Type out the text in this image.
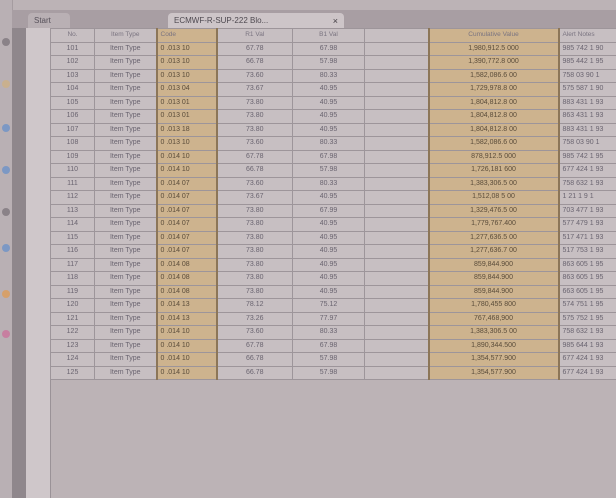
Start	ECMWF-R-SUP-222 Blo...	×
No.	Item Type	Code	R1 Val	B1 Val		Cumulative Value	Alert Notes
101	Item Type	0 .013 10	67.78	67.98		1,980,912.5 000	985 742 1 90
102	Item Type	0 .013 10	66.78	57.98		1,390,772.8 000	985 442 1 95
103	Item Type	0 .013 10	73.60	80.33		1,582,086.6 00	758 03 90 1
104	Item Type	0 .013 04	73.67	40.95		1,729,978.8 00	575 587 1 90
105	Item Type	0 .013 01	73.80	40.95		1,804,812.8 00	883 431 1 93
106	Item Type	0 .013 01	73.80	40.95		1,804,812.8 00	863 431 1 93
107	Item Type	0 .013 18	73.80	40.95		1,804,812.8 00	883 431 1 93
108	Item Type	0 .013 10	73.60	80.33		1,582,086.6 00	758 03 90 1
109	Item Type	0 .014 10	67.78	67.98		878,912.5 000	985 742 1 95
110	Item Type	0 .014 10	66.78	57.98		1,726,181 600	677 424 1 93
111	Item Type	0 .014 07	73.60	80.33		1,383,306.5 00	758 632 1 93
112	Item Type	0 .014 07	73.67	40.95		1,512,08 5 00	1 21 1 9 1
113	Item Type	0 .014 07	73.80	67.99		1,329,476.5 00	703 477 1 93
114	Item Type	0 .014 07	73.80	40.95		1,779,767.400	577 479 1 93
115	Item Type	0 .014 07	73.80	40.95		1,277,636.5 00	517 471 1 93
116	Item Type	0 .014 07	73.80	40.95		1,277,636.7 00	517 753 1 93
117	Item Type	0 .014 08	73.80	40.95		859,844.900	863 605 1 95
118	Item Type	0 .014 08	73.80	40.95		859,844.900	863 605 1 95
119	Item Type	0 .014 08	73.80	40.95		859,844.900	663 605 1 95
120	Item Type	0 .014 13	78.12	75.12		1,780,455 800	574 751 1 95
121	Item Type	0 .014 13	73.26	77.97		767,468,900	575 752 1 95
122	Item Type	0 .014 10	73.60	80.33		1,383,306.5 00	758 632 1 93
123	Item Type	0 .014 10	67.78	67.98		1,890,344.500	985 644 1 93
124	Item Type	0 .014 10	66.78	57.98		1,354,577.900	677 424 1 93
125	Item Type	0 .014 10	66.78	57.98		1,354,577.900	677 424 1 93
